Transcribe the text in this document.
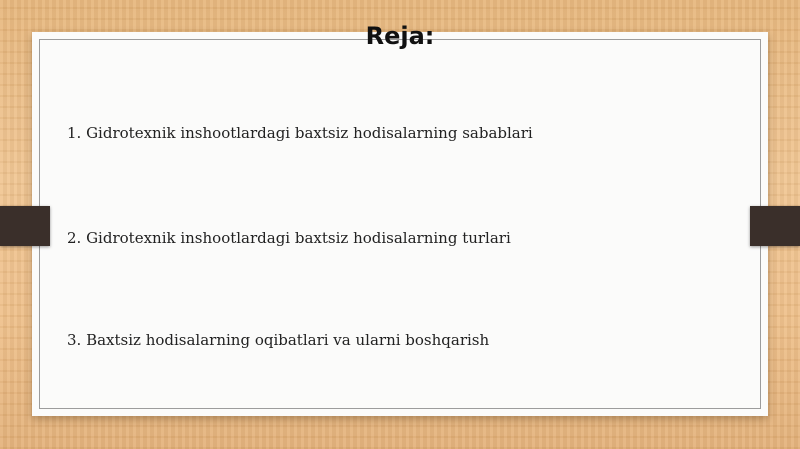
Reja:
1. Gidrotexnik inshootlardagi baxtsiz hodisalarning sabablari
2. Gidrotexnik inshootlardagi baxtsiz hodisalarning turlari
3. Baxtsiz hodisalarning oqibatlari va ularni boshqarish
